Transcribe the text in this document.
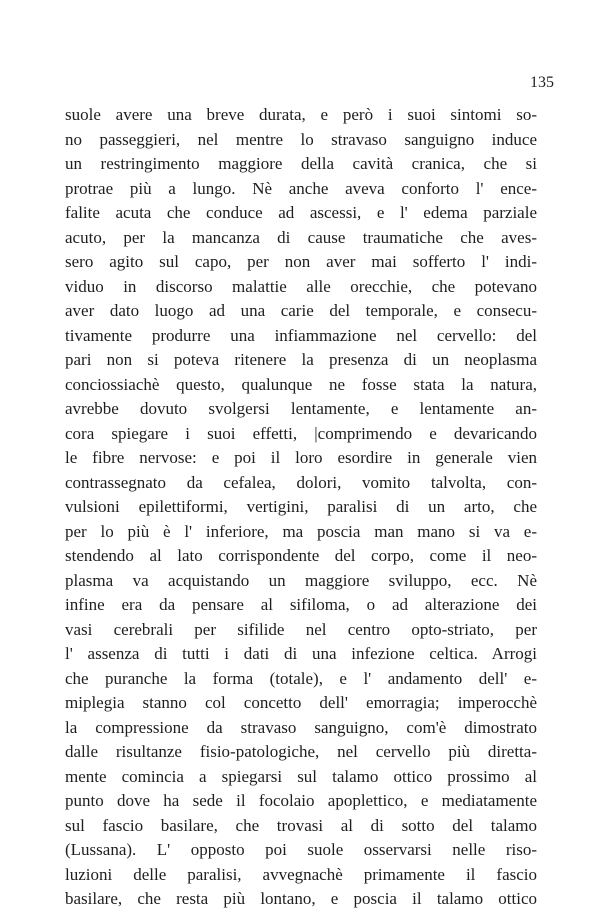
135
suole avere una breve durata, e però i suoi sintomi so-
no passeggieri, nel mentre lo stravaso sanguigno induce
un restringimento maggiore della cavità cranica, che si
protrae più a lungo. Nè anche aveva conforto l' ence-
falite acuta che conduce ad ascessi, e l' edema parziale
acuto, per la mancanza di cause traumatiche che aves-
sero agito sul capo, per non aver mai sofferto l' indi-
viduo in discorso malattie alle orecchie, che potevano
aver dato luogo ad una carie del temporale, e consecu-
tivamente produrre una infiammazione nel cervello: del
pari non si poteva ritenere la presenza di un neoplasma
conciossiachè questo, qualunque ne fosse stata la natura,
avrebbe dovuto svolgersi lentamente, e lentamente an-
cora spiegare i suoi effetti, |comprimendo e devaricando
le fibre nervose: e poi il loro esordire in generale vien
contrassegnato da cefalea, dolori, vomito talvolta, con-
vulsioni epilettiformi, vertigini, paralisi di un arto, che
per lo più è l' inferiore, ma poscia man mano si va e-
stendendo al lato corrispondente del corpo, come il neo-
plasma va acquistando un maggiore sviluppo, ecc. Nè
infine era da pensare al sifiloma, o ad alterazione dei
vasi cerebrali per sifilide nel centro opto-striato, per
l' assenza di tutti i dati di una infezione celtica. Arrogi
che puranche la forma (totale), e l' andamento dell' e-
miplegia stanno col concetto dell' emorragia; imperocchè
la compressione da stravaso sanguigno, com'è dimostrato
dalle risultanze fisio-patologiche, nel cervello più diretta-
mente comincia a spiegarsi sul talamo ottico prossimo al
punto dove ha sede il focolaio apoplettico, e mediatamente
sul fascio basilare, che trovasi al di sotto del talamo
(Lussana). L' opposto poi suole osservarsi nelle riso-
luzioni delle paralisi, avvegnachè primamente il fascio
basilare, che resta più lontano, e poscia il talamo ottico
